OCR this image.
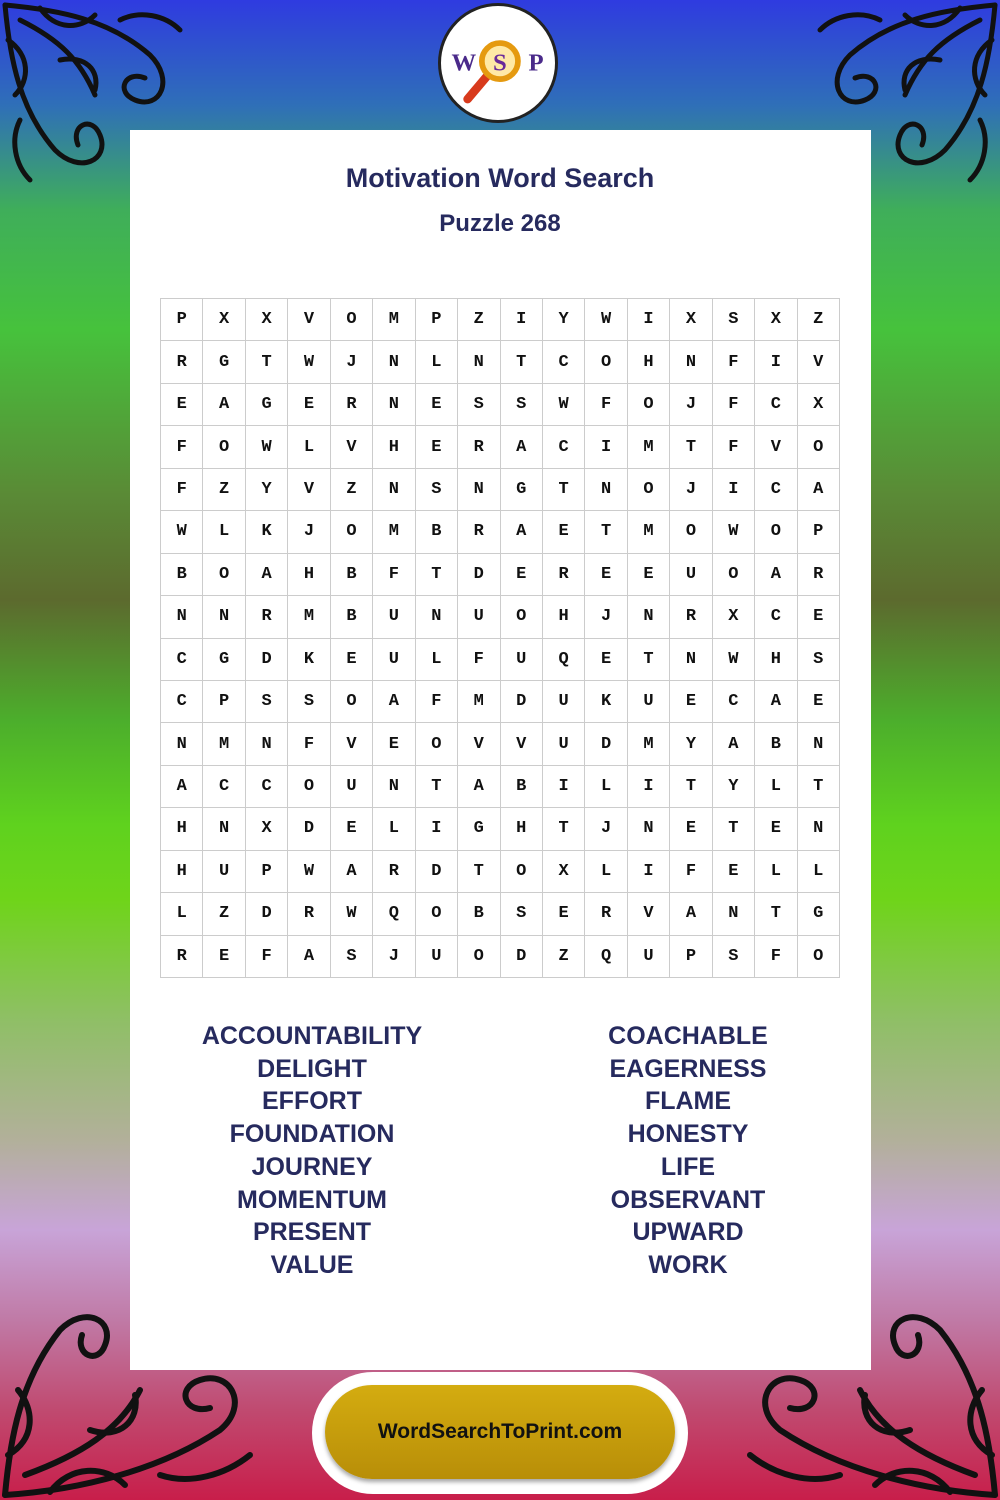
W S P
Motivation Word Search
Puzzle 268
P	X	X	V	O	M	P	Z	I	Y	W	I	X	S	X	Z
R	G	T	W	J	N	L	N	T	C	O	H	N	F	I	V
E	A	G	E	R	N	E	S	S	W	F	O	J	F	C	X
F	O	W	L	V	H	E	R	A	C	I	M	T	F	V	O
F	Z	Y	V	Z	N	S	N	G	T	N	O	J	I	C	A
W	L	K	J	O	M	B	R	A	E	T	M	O	W	O	P
B	O	A	H	B	F	T	D	E	R	E	E	U	O	A	R
N	N	R	M	B	U	N	U	O	H	J	N	R	X	C	E
C	G	D	K	E	U	L	F	U	Q	E	T	N	W	H	S
C	P	S	S	O	A	F	M	D	U	K	U	E	C	A	E
N	M	N	F	V	E	O	V	V	U	D	M	Y	A	B	N
A	C	C	O	U	N	T	A	B	I	L	I	T	Y	L	T
H	N	X	D	E	L	I	G	H	T	J	N	E	T	E	N
H	U	P	W	A	R	D	T	O	X	L	I	F	E	L	L
L	Z	D	R	W	Q	O	B	S	E	R	V	A	N	T	G
R	E	F	A	S	J	U	O	D	Z	Q	U	P	S	F	O
ACCOUNTABILITY
DELIGHT
EFFORT
FOUNDATION
JOURNEY
MOMENTUM
PRESENT
VALUE
COACHABLE
EAGERNESS
FLAME
HONESTY
LIFE
OBSERVANT
UPWARD
WORK
WordSearchToPrint.com
